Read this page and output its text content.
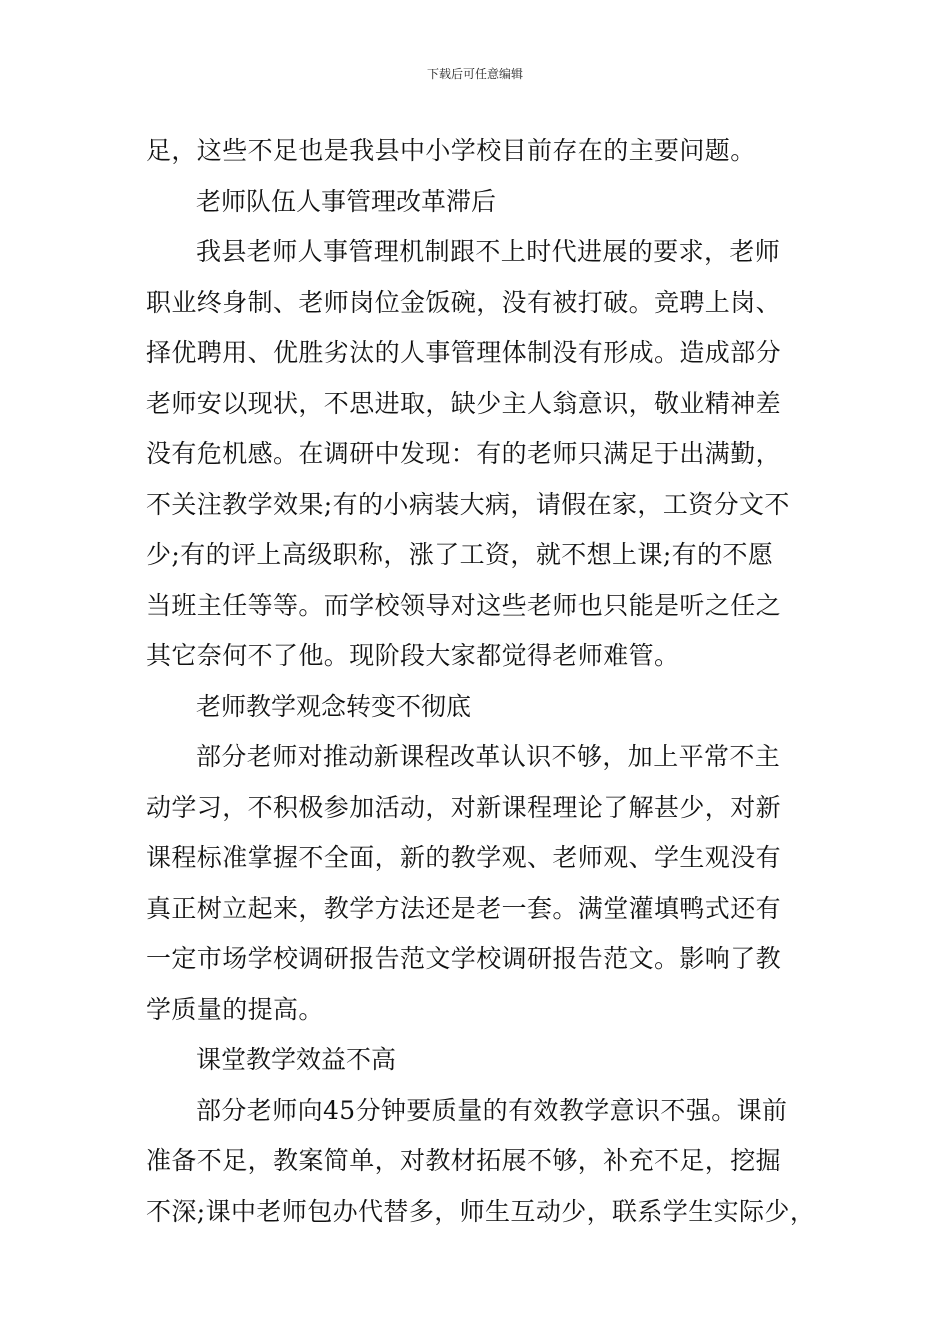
下载后可任意编辑
足，这些不足也是我县中小学校目前存在的主要问题。
老师队伍人事管理改革滞后
我县老师人事管理机制跟不上时代进展的要求，老师
职业终身制、老师岗位金饭碗，没有被打破。竞聘上岗、
择优聘用、优胜劣汰的人事管理体制没有形成。造成部分
老师安以现状，不思进取，缺少主人翁意识，敬业精神差
没有危机感。在调研中发现：有的老师只满足于出满勤，
不关注教学效果;有的小病装大病，请假在家，工资分文不
少;有的评上高级职称，涨了工资，就不想上课;有的不愿
当班主任等等。而学校领导对这些老师也只能是听之任之
其它奈何不了他。现阶段大家都觉得老师难管。
老师教学观念转变不彻底
部分老师对推动新课程改革认识不够，加上平常不主
动学习，不积极参加活动，对新课程理论了解甚少，对新
课程标准掌握不全面，新的教学观、老师观、学生观没有
真正树立起来，教学方法还是老一套。满堂灌填鸭式还有
一定市场学校调研报告范文学校调研报告范文。影响了教
学质量的提高。
课堂教学效益不高
部分老师向45分钟要质量的有效教学意识不强。课前
准备不足，教案简单，对教材拓展不够，补充不足，挖掘
不深;课中老师包办代替多，师生互动少，联系学生实际少，
